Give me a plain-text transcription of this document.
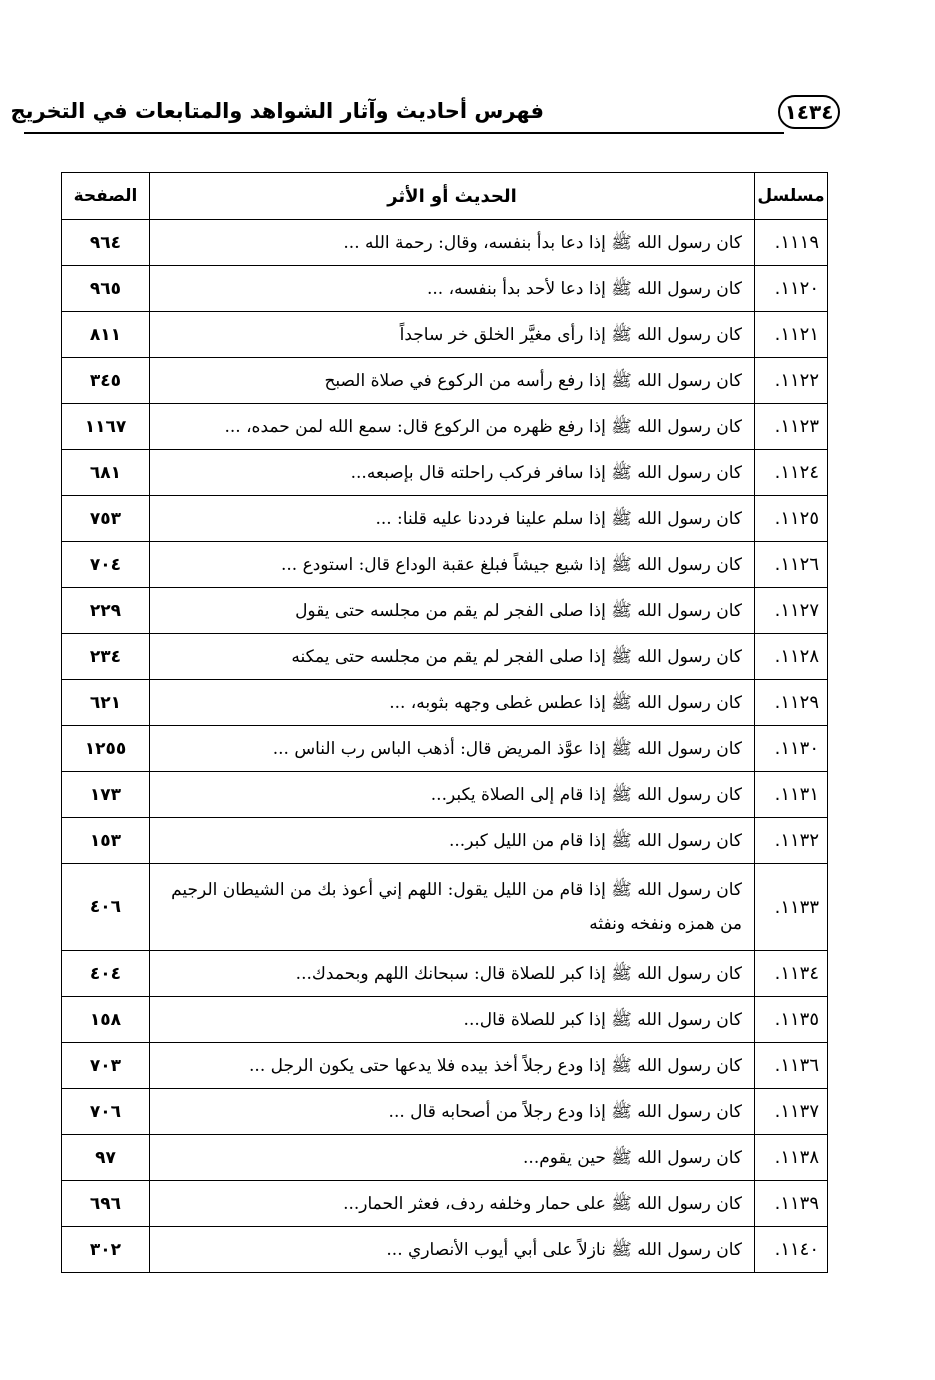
فهرس أحاديث وآثار الشواهد والمتابعات في التخريج	١٤٣٤
مسلسل	الحديث أو الأثر	الصفحة
١١١٩.	كان رسول الله ﷺ إذا دعا بدأ بنفسه، وقال: رحمة الله ...	٩٦٤
١١٢٠.	كان رسول الله ﷺ إذا دعا لأحد بدأ بنفسه، ...	٩٦٥
١١٢١.	كان رسول الله ﷺ إذا رأى مغيَّر الخلق خر ساجداً	٨١١
١١٢٢.	كان رسول الله ﷺ إذا رفع رأسه من الركوع في صلاة الصبح	٣٤٥
١١٢٣.	كان رسول الله ﷺ إذا رفع ظهره من الركوع قال: سمع الله لمن حمده، ...	١١٦٧
١١٢٤.	كان رسول الله ﷺ إذا سافر فركب راحلته قال بإصبعه...	٦٨١
١١٢٥.	كان رسول الله ﷺ إذا سلم علينا فرددنا عليه قلنا: ...	٧٥٣
١١٢٦.	كان رسول الله ﷺ إذا شيع جيشاً فبلغ عقبة الوداع قال: استودع ...	٧٠٤
١١٢٧.	كان رسول الله ﷺ إذا صلى الفجر لم يقم من مجلسه حتى يقول	٢٢٩
١١٢٨.	كان رسول الله ﷺ إذا صلى الفجر لم يقم من مجلسه حتى يمكنه	٢٣٤
١١٢٩.	كان رسول الله ﷺ إذا عطس غطى وجهه بثوبه، ...	٦٢١
١١٣٠.	كان رسول الله ﷺ إذا عوَّذ المريض قال: أذهب الباس رب الناس ...	١٢٥٥
١١٣١.	كان رسول الله ﷺ إذا قام إلى الصلاة يكبر...	١٧٣
١١٣٢.	كان رسول الله ﷺ إذا قام من الليل كبر...	١٥٣
١١٣٣.	كان رسول الله ﷺ إذا قام من الليل يقول: اللهم إني أعوذ بك من الشيطان الرجيم من همزه ونفخه ونفثه	٤٠٦
١١٣٤.	كان رسول الله ﷺ إذا كبر للصلاة قال: سبحانك اللهم وبحمدك...	٤٠٤
١١٣٥.	كان رسول الله ﷺ إذا كبر للصلاة قال...	١٥٨
١١٣٦.	كان رسول الله ﷺ إذا ودع رجلاً أخذ بيده فلا يدعها حتى يكون الرجل ...	٧٠٣
١١٣٧.	كان رسول الله ﷺ إذا ودع رجلاً من أصحابه قال ...	٧٠٦
١١٣٨.	كان رسول الله ﷺ حين يقوم...	٩٧
١١٣٩.	كان رسول الله ﷺ على حمار وخلفه ردف، فعثر الحمار...	٦٩٦
١١٤٠.	كان رسول الله ﷺ نازلاً على أبي أيوب الأنصاري ...	٣٠٢
